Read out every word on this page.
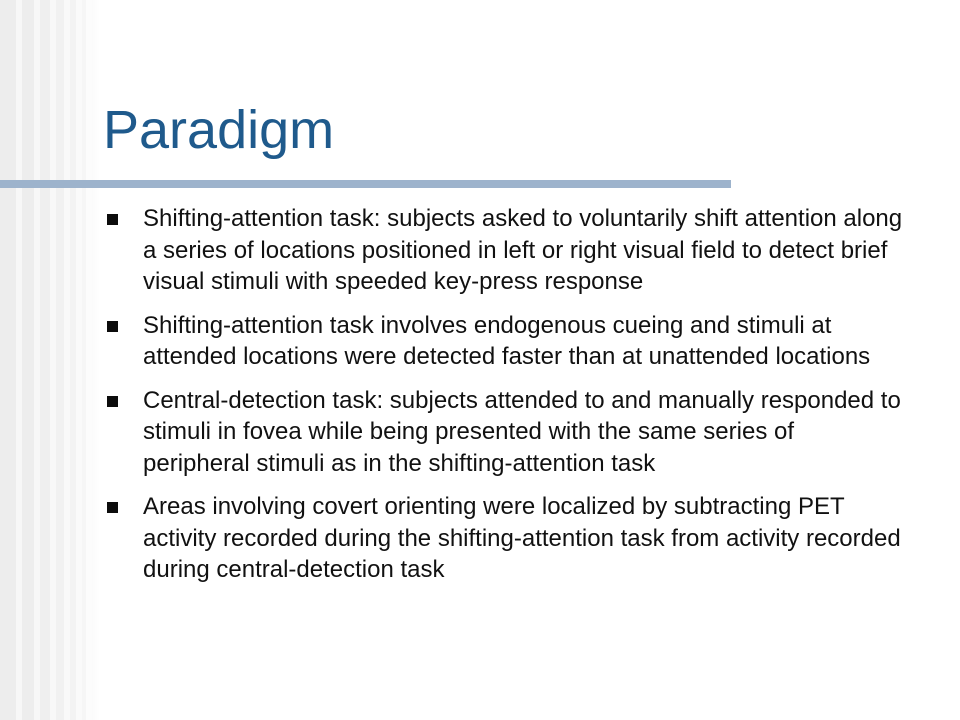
Paradigm
Shifting-attention task: subjects asked to voluntarily shift attention along a series of locations positioned in left or right visual field to detect brief visual stimuli with speeded key-press response
Shifting-attention task involves endogenous cueing and stimuli at attended locations were detected faster than at unattended locations
Central-detection task: subjects attended to and manually responded to stimuli in fovea while being presented with the same series of peripheral stimuli as in the shifting-attention task
Areas involving covert orienting were localized by subtracting PET activity recorded during the shifting-attention task from activity recorded during central-detection task
